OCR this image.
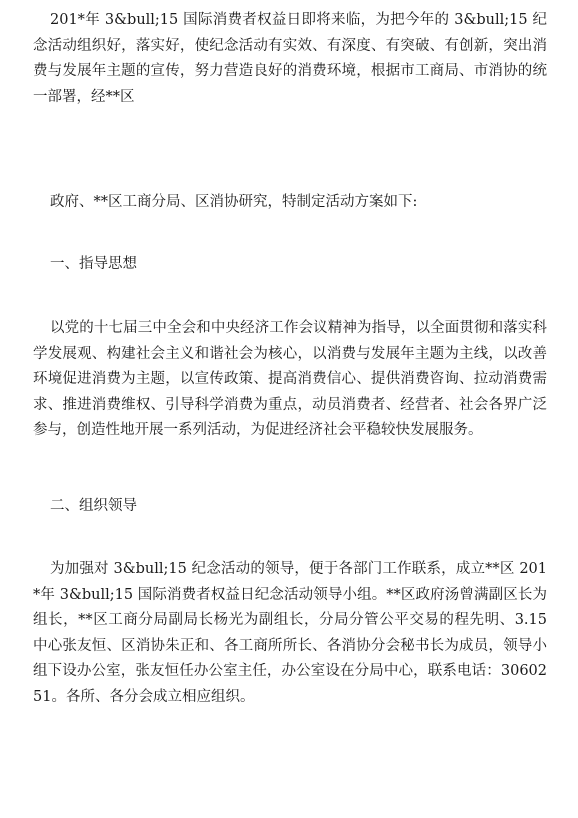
201*年 3&bull;15 国际消费者权益日即将来临，为把今年的 3&bull;15 纪念活动组织好，落实好，使纪念活动有实效、有深度、有突破、有创新，突出消费与发展年主题的宣传，努力营造良好的消费环境，根据市工商局、市消协的统一部署，经**区

政府、**区工商分局、区消协研究，特制定活动方案如下:

一、指导思想

以党的十七届三中全会和中央经济工作会议精神为指导，以全面贯彻和落实科学发展观、构建社会主义和谐社会为核心，以消费与发展年主题为主线，以改善环境促进消费为主题，以宣传政策、提高消费信心、提供消费咨询、拉动消费需求、推进消费维权、引导科学消费为重点，动员消费者、经营者、社会各界广泛参与，创造性地开展一系列活动，为促进经济社会平稳较快发展服务。

二、组织领导

为加强对 3&bull;15 纪念活动的领导，便于各部门工作联系，成立**区 201*年 3&bull;15 国际消费者权益日纪念活动领导小组。**区政府汤曾满副区长为组长，**区工商分局副局长杨光为副组长，分局分管公平交易的程先明、3.15 中心张友恒、区消协朱正和、各工商所所长、各消协分会秘书长为成员，领导小组下设办公室，张友恒任办公室主任，办公室设在分局中心，联系电话：3060251。各所、各分会成立相应组织。
